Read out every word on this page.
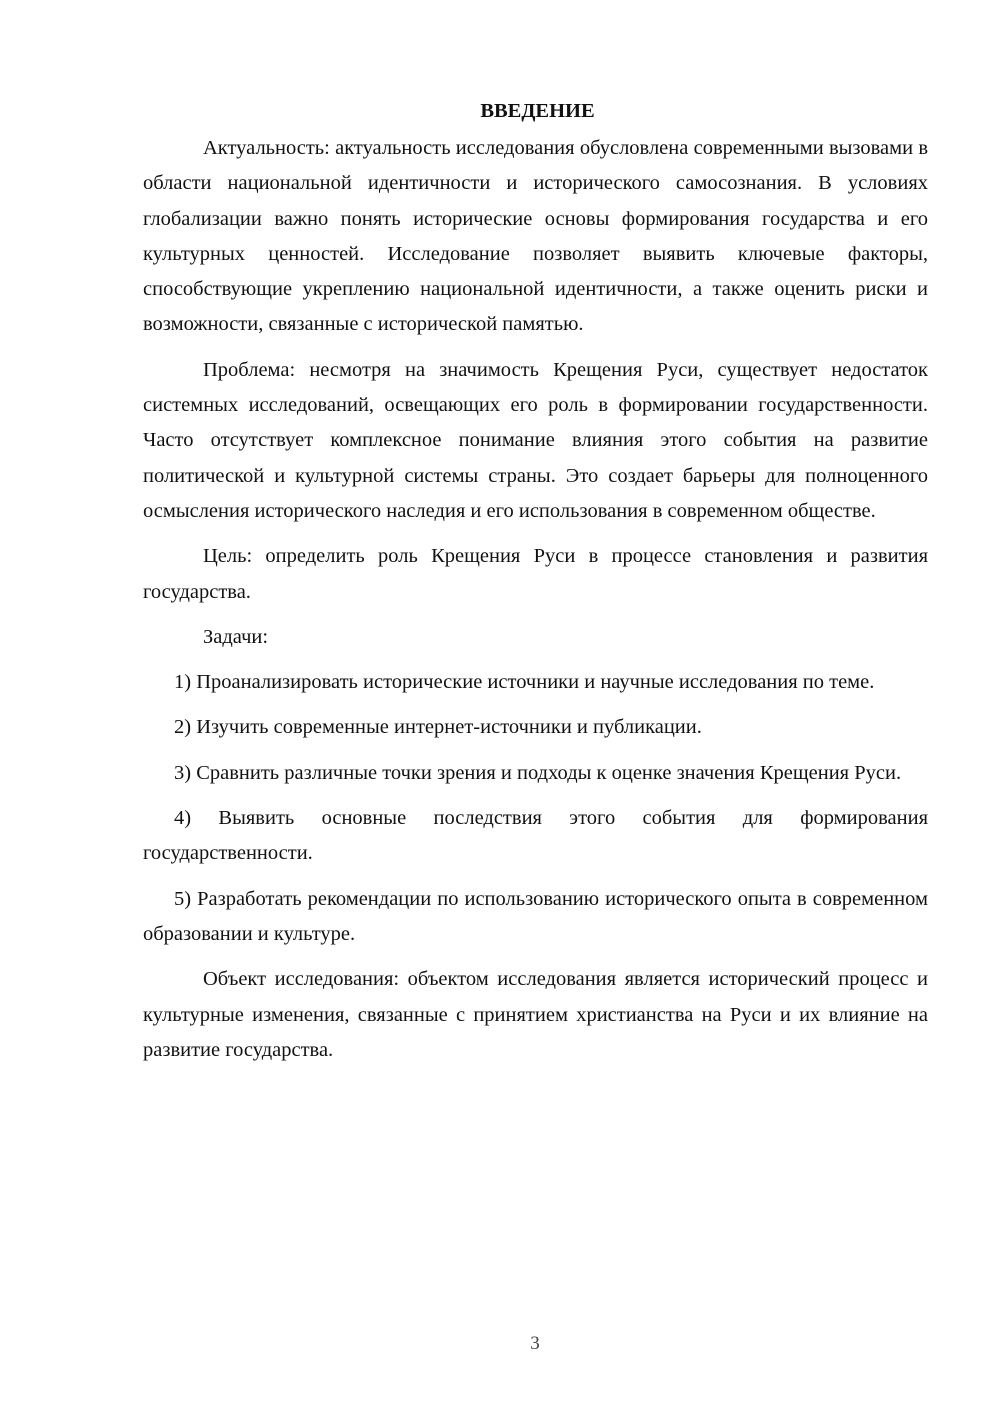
ВВЕДЕНИЕ

Актуальность: актуальность исследования обусловлена современными вызовами в области национальной идентичности и исторического самосознания. В условиях глобализации важно понять исторические основы формирования государства и его культурных ценностей. Исследование позволяет выявить ключевые факторы, способствующие укреплению национальной идентичности, а также оценить риски и возможности, связанные с исторической памятью.

Проблема: несмотря на значимость Крещения Руси, существует недостаток системных исследований, освещающих его роль в формировании государственности. Часто отсутствует комплексное понимание влияния этого события на развитие политической и культурной системы страны. Это создает барьеры для полноценного осмысления исторического наследия и его использования в современном обществе.

Цель: определить роль Крещения Руси в процессе становления и развития государства.

Задачи:

1) Проанализировать исторические источники и научные исследования по теме.

2) Изучить современные интернет-источники и публикации.

3) Сравнить различные точки зрения и подходы к оценке значения Крещения Руси.

4) Выявить основные последствия этого события для формирования государственности.

5) Разработать рекомендации по использованию исторического опыта в современном образовании и культуре.

Объект исследования: объектом исследования является исторический процесс и культурные изменения, связанные с принятием христианства на Руси и их влияние на развитие государства.

3
